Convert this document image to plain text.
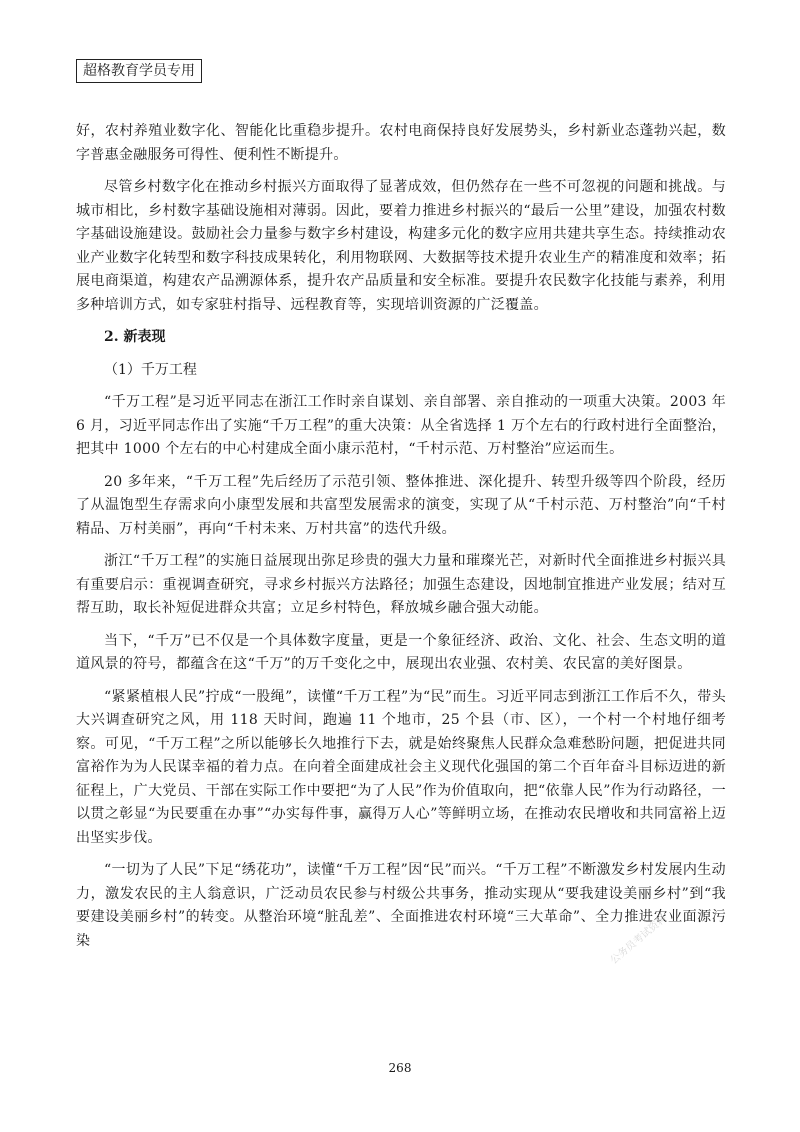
超格教育学员专用

好，农村养殖业数字化、智能化比重稳步提升。农村电商保持良好发展势头，乡村新业态蓬勃兴起，数字普惠金融服务可得性、便利性不断提升。

尽管乡村数字化在推动乡村振兴方面取得了显著成效，但仍然存在一些不可忽视的问题和挑战。与城市相比，乡村数字基础设施相对薄弱。因此，要着力推进乡村振兴的“最后一公里”建设，加强农村数字基础设施建设。鼓励社会力量参与数字乡村建设，构建多元化的数字应用共建共享生态。持续推动农业产业数字化转型和数字科技成果转化，利用物联网、大数据等技术提升农业生产的精准度和效率；拓展电商渠道，构建农产品溯源体系，提升农产品质量和安全标准。要提升农民数字化技能与素养，利用多种培训方式，如专家驻村指导、远程教育等，实现培训资源的广泛覆盖。

2. 新表现

（1）千万工程

“千万工程”是习近平同志在浙江工作时亲自谋划、亲自部署、亲自推动的一项重大决策。2003 年 6 月，习近平同志作出了实施“千万工程”的重大决策：从全省选择 1 万个左右的行政村进行全面整治，把其中 1000 个左右的中心村建成全面小康示范村，“千村示范、万村整治”应运而生。

20 多年来，“千万工程”先后经历了示范引领、整体推进、深化提升、转型升级等四个阶段，经历了从温饱型生存需求向小康型发展和共富型发展需求的演变，实现了从“千村示范、万村整治”向“千村精品、万村美丽”，再向“千村未来、万村共富”的迭代升级。

浙江“千万工程”的实施日益展现出弥足珍贵的强大力量和璀璨光芒，对新时代全面推进乡村振兴具有重要启示：重视调查研究，寻求乡村振兴方法路径；加强生态建设，因地制宜推进产业发展；结对互帮互助，取长补短促进群众共富；立足乡村特色，释放城乡融合强大动能。

当下，“千万”已不仅是一个具体数字度量，更是一个象征经济、政治、文化、社会、生态文明的道道风景的符号，都蕴含在这“千万”的万千变化之中，展现出农业强、农村美、农民富的美好图景。

“紧紧植根人民”拧成“一股绳”，读懂“千万工程”为“民”而生。习近平同志到浙江工作后不久，带头大兴调查研究之风，用 118 天时间，跑遍 11 个地市，25 个县（市、区），一个村一个村地仔细考察。可见，“千万工程”之所以能够长久地推行下去，就是始终聚焦人民群众急难愁盼问题，把促进共同富裕作为为人民谋幸福的着力点。在向着全面建成社会主义现代化强国的第二个百年奋斗目标迈进的新征程上，广大党员、干部在实际工作中要把“为了人民”作为价值取向，把“依靠人民”作为行动路径，一以贯之彰显“为民要重在办事”“办实每件事，赢得万人心”等鲜明立场，在推动农民增收和共同富裕上迈出坚实步伐。

“一切为了人民”下足“绣花功”，读懂“千万工程”因“民”而兴。“千万工程”不断激发乡村发展内生动力，激发农民的主人翁意识，广泛动员农民参与村级公共事务，推动实现从“要我建设美丽乡村”到“我要建设美丽乡村”的转变。从整治环境“脏乱差”、全面推进农村环境“三大革命”、全力推进农业面源污染	公务员考试资料
268
